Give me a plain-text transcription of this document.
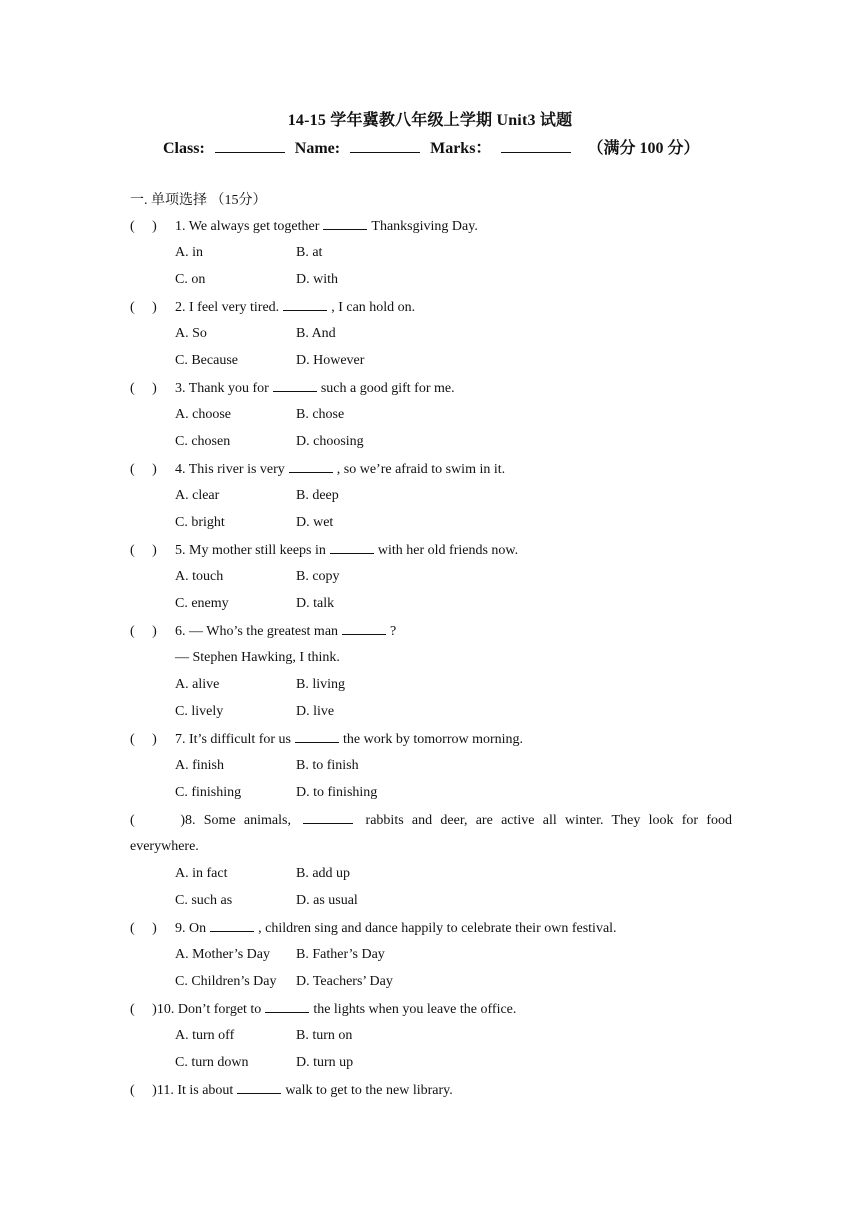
14-15 学年冀教八年级上学期 Unit3 试题
Class:	Name:	Marks：	（满分 100 分）
一. 单项选择 （15分）
(     ) 1. We always get together	Thanksgiving Day.
A. in	B. at
C. on	D. with
(     ) 2. I feel very tired.	, I can hold on.
A. So	B. And
C. Because	D. However
(     ) 3. Thank you for	such a good gift for me.
A. choose	B. chose
C. chosen	D. choosing
(     ) 4. This river is very	, so we’re afraid to swim in it.
A. clear	B. deep
C. bright	D. wet
(     ) 5. My mother still keeps in	with her old friends now.
A. touch	B. copy
C. enemy	D. talk
(     ) 6. — Who’s the greatest man	?
— Stephen Hawking, I think.
A. alive	B. living
C. lively	D. live
(     ) 7. It’s difficult for us	the work by tomorrow morning.
A. finish	B. to finish
C. finishing	D. to finishing
(      )8. Some animals,	rabbits and deer, are active all winter. They look for food
everywhere.
A. in fact	B. add up
C. such as	D. as usual
(     ) 9. On	, children sing and dance happily to celebrate their own festival.
A. Mother’s Day B. Father’s Day
C. Children’s Day D. Teachers’ Day
(     )10. Don’t forget to	the lights when you leave the office.
A. turn off	B. turn on
C. turn down	D. turn up
(     )11. It is about	walk to get to the new library.
